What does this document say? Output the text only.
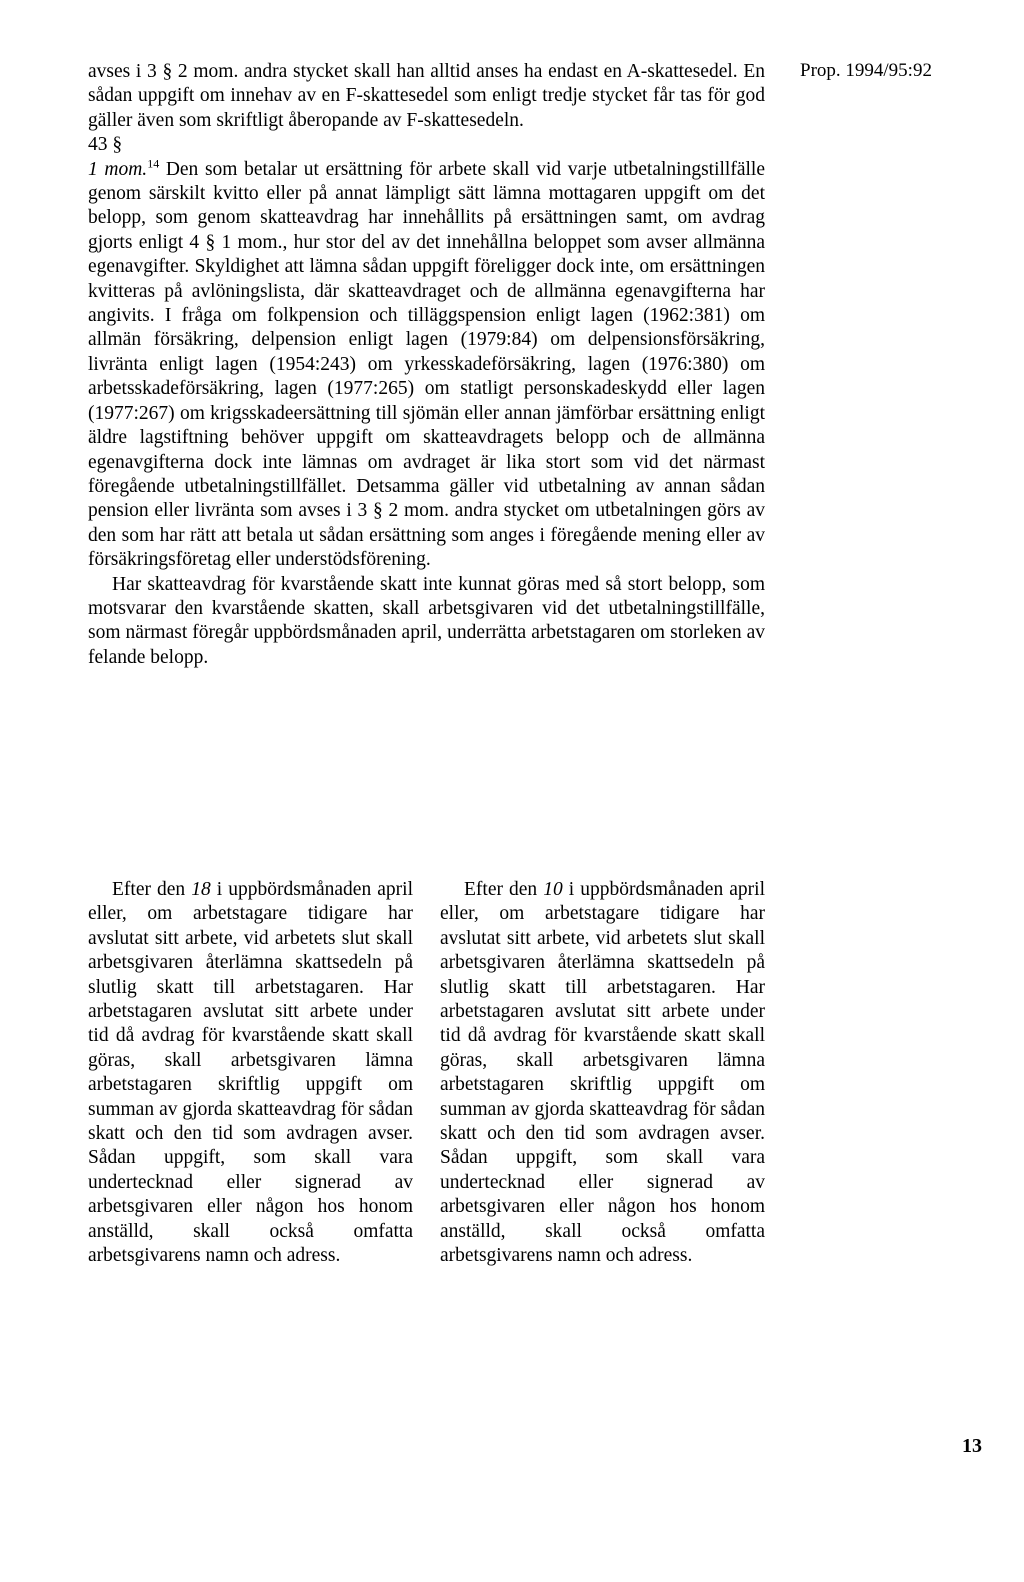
Prop. 1994/95:92

avses i 3 § 2 mom. andra stycket skall han alltid anses ha endast en A-skattesedel. En sådan uppgift om innehav av en F-skattesedel som enligt tredje stycket får tas för god gäller även som skriftligt åberopande av F-skattesedeln.

43 §

1 mom.$^{14}$ Den som betalar ut ersättning för arbete skall vid varje utbetalningstillfälle genom särskilt kvitto eller på annat lämpligt sätt lämna mottagaren uppgift om det belopp, som genom skatteavdrag har innehållits på ersättningen samt, om avdrag gjorts enligt 4 § 1 mom., hur stor del av det innehållna beloppet som avser allmänna egenavgifter. Skyldighet att lämna sådan uppgift föreligger dock inte, om ersättningen kvitteras på avlöningslista, där skatteavdraget och de allmänna egenavgifterna har angivits. I fråga om folkpension och tilläggspension enligt lagen (1962:381) om allmän försäkring, delpension enligt lagen (1979:84) om delpensionsförsäkring, livränta enligt lagen (1954:243) om yrkesskadeförsäkring, lagen (1976:380) om arbetsskadeförsäkring, lagen (1977:265) om statligt personskadeskydd eller lagen (1977:267) om krigsskadeersättning till sjömän eller annan jämförbar ersättning enligt äldre lagstiftning behöver uppgift om skatteavdragets belopp och de allmänna egenavgifterna dock inte lämnas om avdraget är lika stort som vid det närmast föregående utbetalningstillfället. Detsamma gäller vid utbetalning av annan sådan pension eller livränta som avses i 3 § 2 mom. andra stycket om utbetalningen görs av den som har rätt att betala ut sådan ersättning som anges i föregående mening eller av försäkringsföretag eller understödsförening.

Har skatteavdrag för kvarstående skatt inte kunnat göras med så stort belopp, som motsvarar den kvarstående skatten, skall arbetsgivaren vid det utbetalningstillfälle, som närmast föregår uppbördsmånaden april, underrätta arbetstagaren om storleken av felande belopp.

Efter den 18 i uppbördsmånaden april eller, om arbetstagare tidigare har avslutat sitt arbete, vid arbetets slut skall arbetsgivaren återlämna skattsedeln på slutlig skatt till arbetstagaren. Har arbetstagaren avslutat sitt arbete under tid då avdrag för kvarstående skatt skall göras, skall arbetsgivaren lämna arbetstagaren skriftlig uppgift om summan av gjorda skatteavdrag för sådan skatt och den tid som avdragen avser. Sådan uppgift, som skall vara undertecknad eller signerad av arbetsgivaren eller någon hos honom anställd, skall också omfatta arbetsgivarens namn och adress.

Efter den 10 i uppbördsmånaden april eller, om arbetstagare tidigare har avslutat sitt arbete, vid arbetets slut skall arbetsgivaren återlämna skattsedeln på slutlig skatt till arbetstagaren. Har arbetstagaren avslutat sitt arbete under tid då avdrag för kvarstående skatt skall göras, skall arbetsgivaren lämna arbetstagaren skriftlig uppgift om summan av gjorda skatteavdrag för sådan skatt och den tid som avdragen avser. Sådan uppgift, som skall vara undertecknad eller signerad av arbetsgivaren eller någon hos honom anställd, skall också omfatta arbetsgivarens namn och adress.

13
